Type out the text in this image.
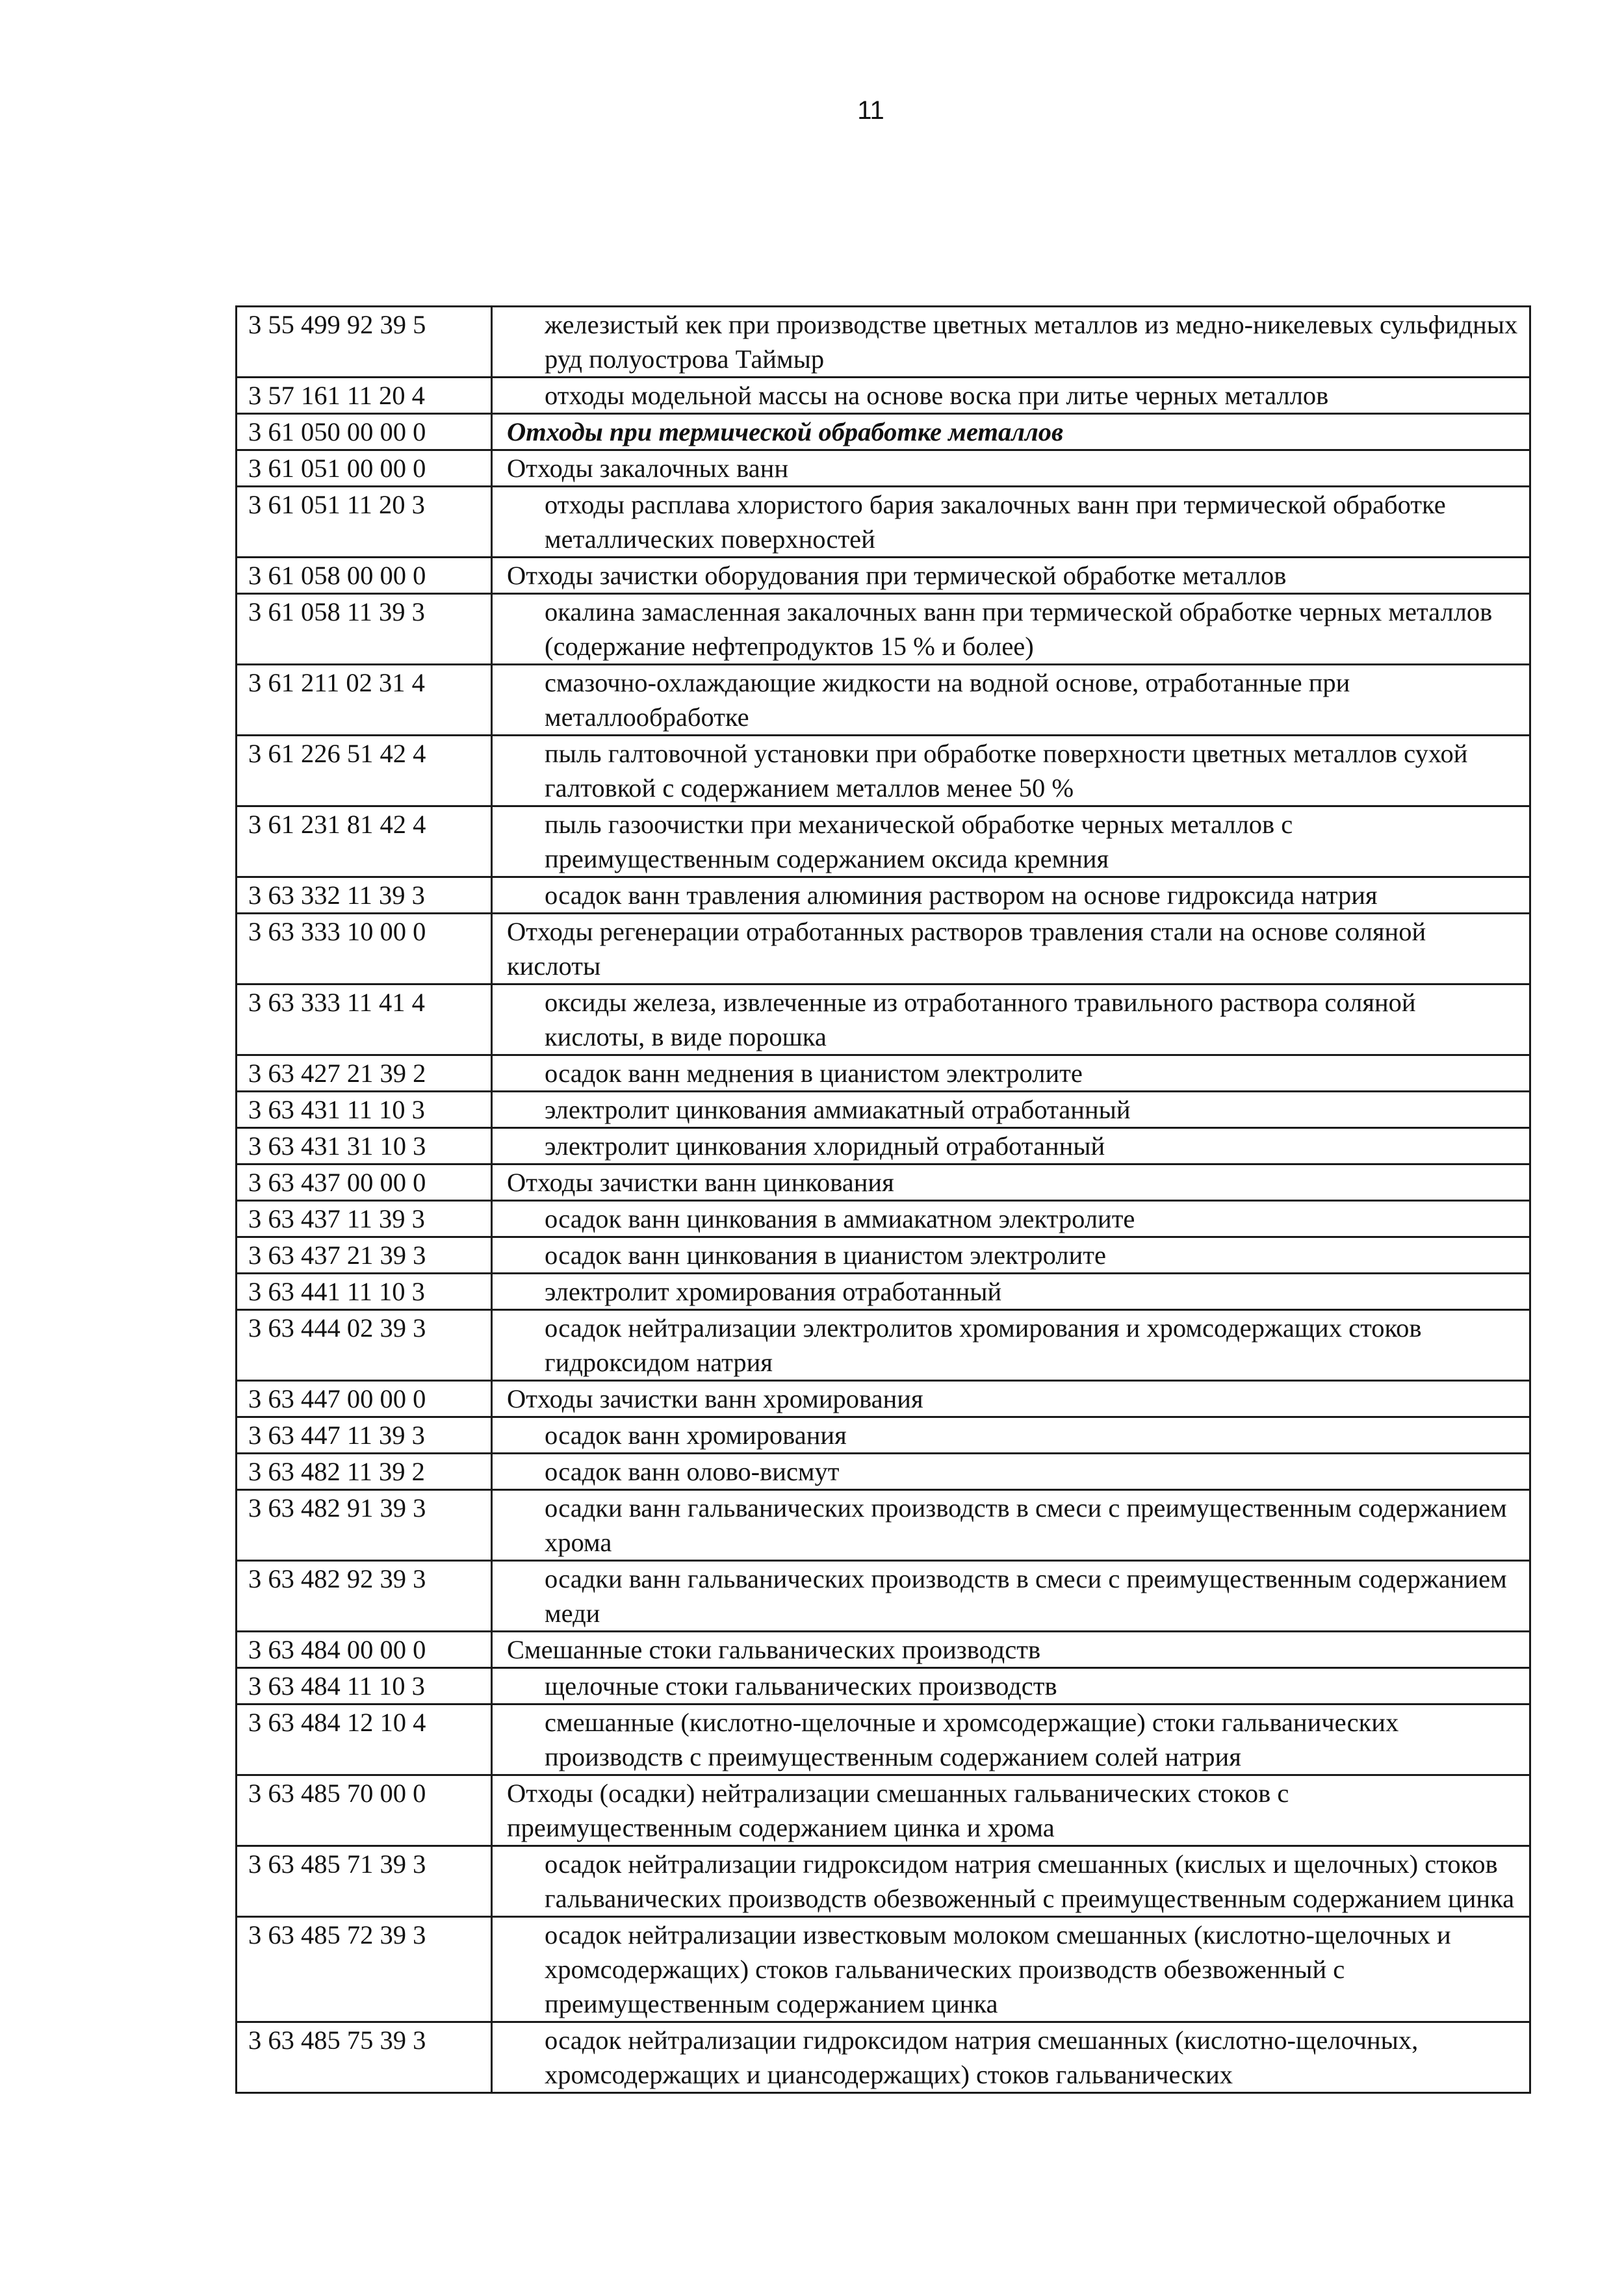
11
3 55 499 92 39 5	железистый кек при производстве цветных металлов из медно-никелевых сульфидных руд полуострова Таймыр
3 57 161 11 20 4	отходы модельной массы на основе воска при литье черных металлов
3 61 050 00 00 0	Отходы при термической обработке металлов
3 61 051 00 00 0	Отходы закалочных ванн
3 61 051 11 20 3	отходы расплава хлористого бария закалочных ванн при термической обработке металлических поверхностей
3 61 058 00 00 0	Отходы зачистки оборудования при термической обработке металлов
3 61 058 11 39 3	окалина замасленная закалочных ванн при термической обработке черных металлов (содержание нефтепродуктов 15 % и более)
3 61 211 02 31 4	смазочно-охлаждающие жидкости на водной основе, отработанные при металлообработке
3 61 226 51 42 4	пыль галтовочной установки при обработке поверхности цветных металлов сухой галтовкой с содержанием металлов менее 50 %
3 61 231 81 42 4	пыль газоочистки при механической обработке черных металлов с преимущественным содержанием оксида кремния
3 63 332 11 39 3	осадок ванн травления алюминия раствором на основе гидроксида натрия
3 63 333 10 00 0	Отходы регенерации отработанных растворов травления стали на основе соляной кислоты
3 63 333 11 41 4	оксиды железа, извлеченные из отработанного травильного раствора соляной кислоты, в виде порошка
3 63 427 21 39 2	осадок ванн меднения в цианистом электролите
3 63 431 11 10 3	электролит цинкования аммиакатный отработанный
3 63 431 31 10 3	электролит цинкования хлоридный отработанный
3 63 437 00 00 0	Отходы зачистки ванн цинкования
3 63 437 11 39 3	осадок ванн цинкования в аммиакатном электролите
3 63 437 21 39 3	осадок ванн цинкования в цианистом электролите
3 63 441 11 10 3	электролит хромирования отработанный
3 63 444 02 39 3	осадок нейтрализации электролитов хромирования и хромсодержащих стоков гидроксидом натрия
3 63 447 00 00 0	Отходы зачистки ванн хромирования
3 63 447 11 39 3	осадок ванн хромирования
3 63 482 11 39 2	осадок ванн олово-висмут
3 63 482 91 39 3	осадки ванн гальванических производств в смеси с преимущественным содержанием хрома
3 63 482 92 39 3	осадки ванн гальванических производств в смеси с преимущественным содержанием меди
3 63 484 00 00 0	Смешанные стоки гальванических производств
3 63 484 11 10 3	щелочные стоки гальванических производств
3 63 484 12 10 4	смешанные (кислотно-щелочные и хромсодержащие) стоки гальванических производств с преимущественным содержанием солей натрия
3 63 485 70 00 0	Отходы (осадки) нейтрализации смешанных гальванических стоков с преимущественным содержанием цинка и хрома
3 63 485 71 39 3	осадок нейтрализации гидроксидом натрия смешанных (кислых и щелочных) стоков гальванических производств обезвоженный с преимущественным содержанием цинка
3 63 485 72 39 3	осадок нейтрализации известковым молоком смешанных (кислотно-щелочных и хромсодержащих) стоков гальванических производств обезвоженный с преимущественным содержанием цинка
3 63 485 75 39 3	осадок нейтрализации гидроксидом натрия смешанных (кислотно-щелочных, хромсодержащих и циансодержащих) стоков гальванических
